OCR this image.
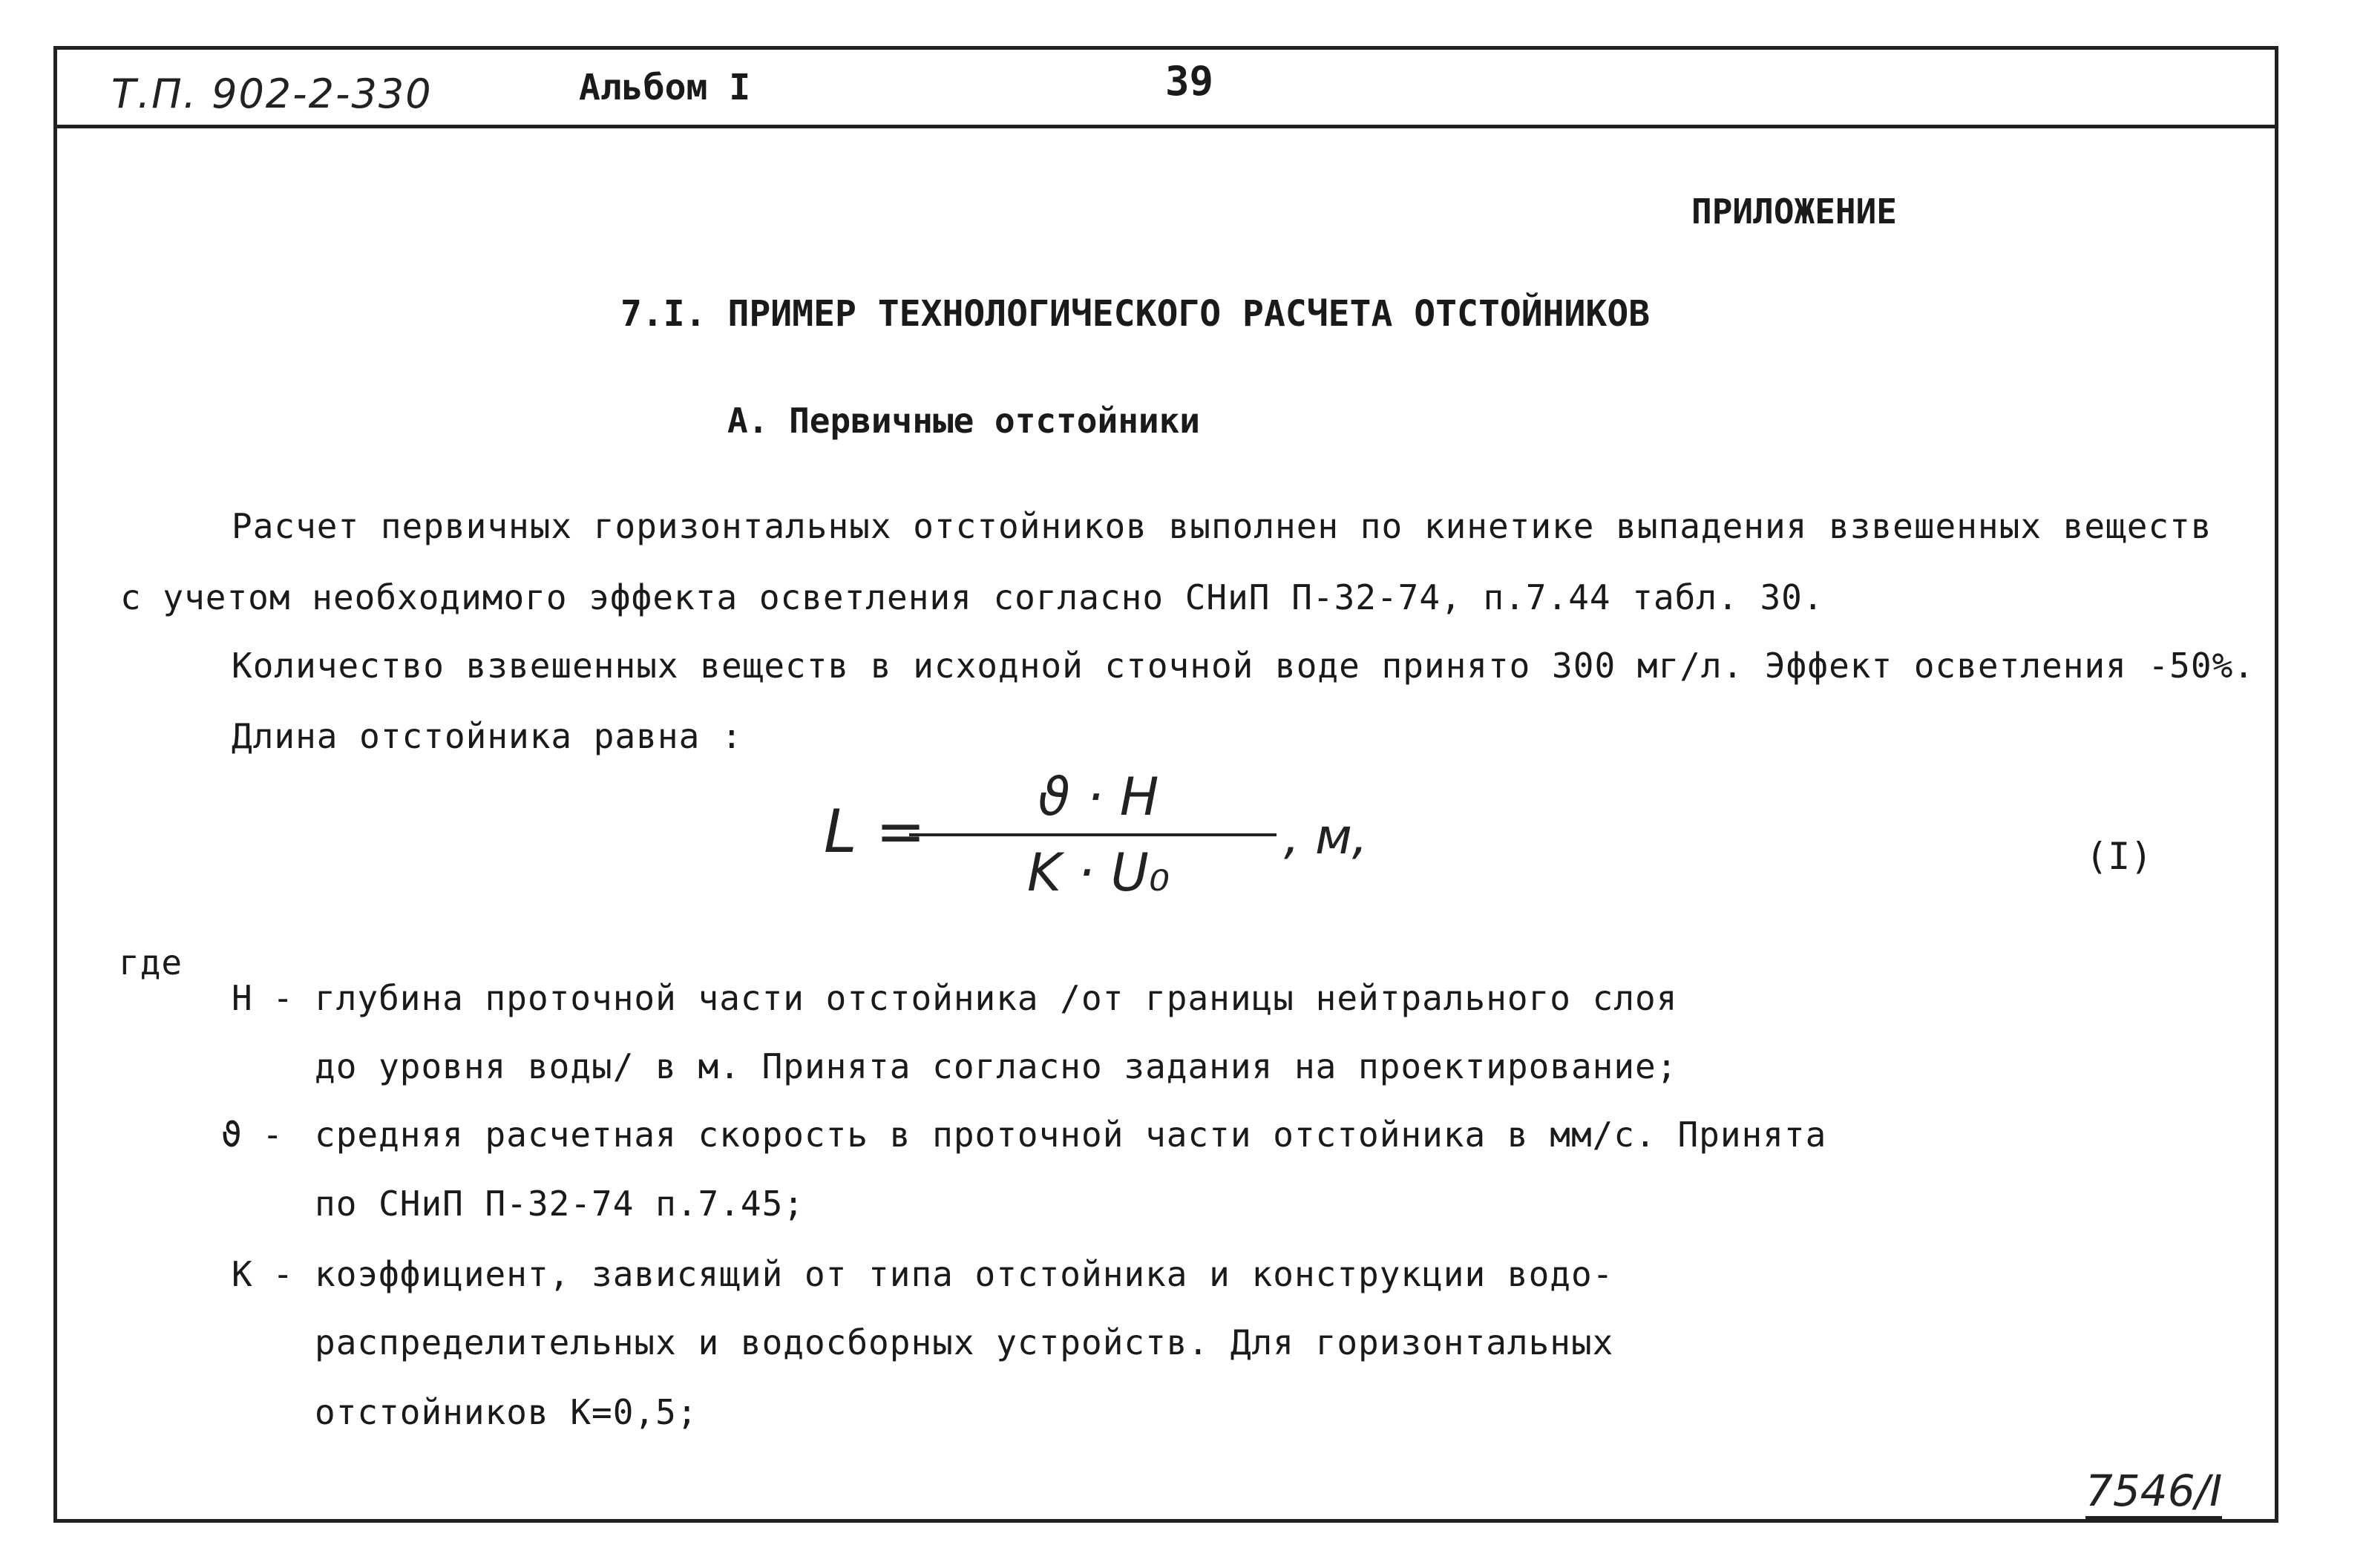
Т.П. 902-2-330	Альбом I	39
ПРИЛОЖЕНИЕ
7.I. ПРИМЕР ТЕХНОЛОГИЧЕСКОГО РАСЧЕТА ОТСТОЙНИКОВ
А. Первичные отстойники
Расчет первичных горизонтальных отстойников выполнен по кинетике выпадения взвешенных веществ
с учетом необходимого эффекта осветления согласно СНиП П-32-74, п.7.44 табл. 30.
Количество взвешенных веществ в исходной сточной воде принято 300 мг/л. Эффект осветления -50%.
Длина отстойника равна :
L = ϑ · H
K · U₀
, м,	(I)
где
Н - глубина проточной части отстойника /от границы нейтрального слоя
до уровня воды/ в м. Принята согласно задания на проектирование;
ϑ - средняя расчетная скорость в проточной части отстойника в мм/с. Принята
по СНиП П-32-74 п.7.45;
К - коэффициент, зависящий от типа отстойника и конструкции водо-
распределительных и водосборных устройств. Для горизонтальных
отстойников К=0,5;
7546/I
